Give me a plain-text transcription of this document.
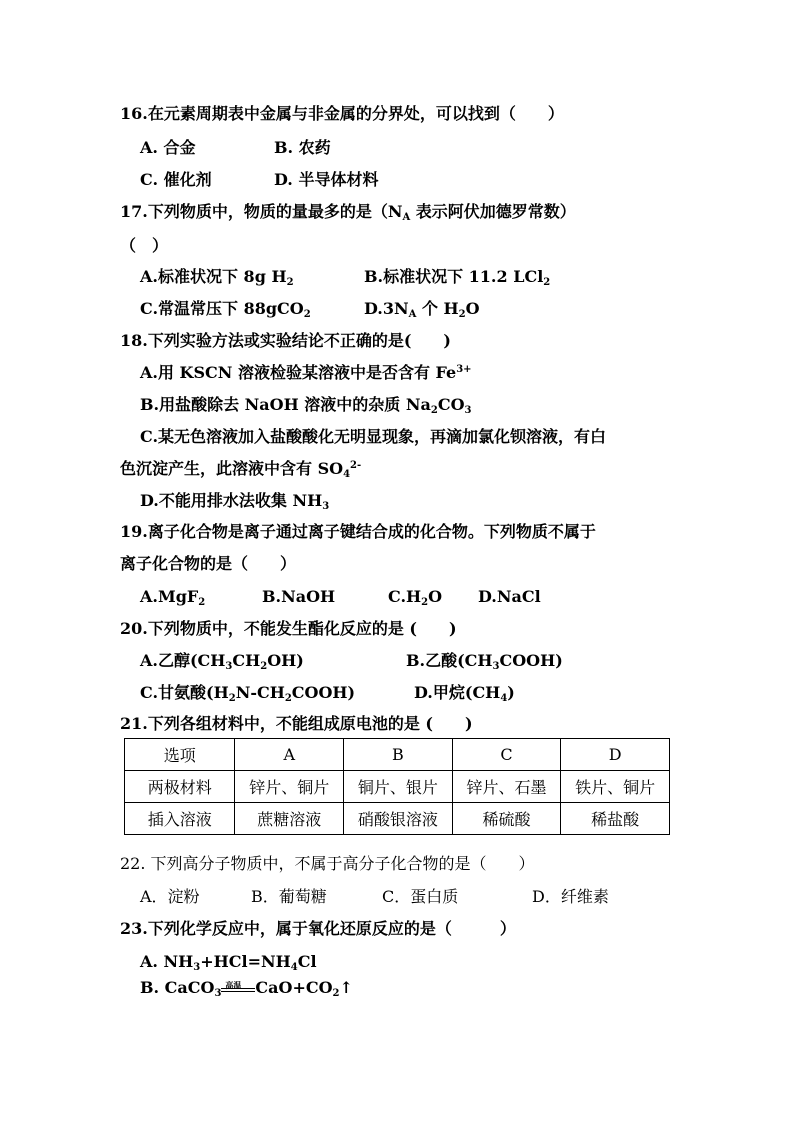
16.在元素周期表中金属与非金属的分界处，可以找到（　　）
A. 合金	B. 农药
C. 催化剂	D. 半导体材料
17.下列物质中，物质的量最多的是（$N_A$ 表示阿伏加德罗常数）
（　）
A.标准状况下 8g $H_2$	B.标准状况下 11.2 LCl$_2$
C.常温常压下 88gCO$_2$	$D.3N_A$ 个 $H_2O$
18.下列实验方法或实验结论不正确的是(　　)
A.用 KSCN 溶液检验某溶液中是否含有 $Fe^{3+}$
B.用盐酸除去 NaOH 溶液中的杂质 $Na_2CO_3$
C.某无色溶液加入盐酸酸化无明显现象，再滴加氯化钡溶液，有白
色沉淀产生，此溶液中含有 $SO_4^{2-}$
D.不能用排水法收集 $NH_3$
19.离子化合物是离子通过离子键结合成的化合物。下列物质不属于
离子化合物的是（　　）
A.MgF$_2$	B.NaOH	$C.H_2O$ D.NaCl
20.下列物质中，不能发生酯化反应的是 (　　)
A.乙醇$(CH_3CH_2OH)$	B.乙酸$(CH_3COOH)$
C.甘氨酸$(H_2N-CH_2COOH)$	D.甲烷$(CH_4)$
21.下列各组材料中，不能组成原电池的是 (　　)
选项	A	B	C	D
两极材料	锌片、铜片	铜片、银片	锌片、石墨	铁片、铜片
插入溶液	蔗糖溶液	硝酸银溶液	稀硫酸	稀盐酸
22. 下列高分子物质中，不属于高分子化合物的是（　　）
A．淀粉	B．葡萄糖	C．蛋白质	D．纤维素
23.下列化学反应中，属于氧化还原反应的是（　　　）
A. $NH_3+HCl=NH_4Cl$
B. CaCO$_3$
高温 $CaO+CO_2↑$
